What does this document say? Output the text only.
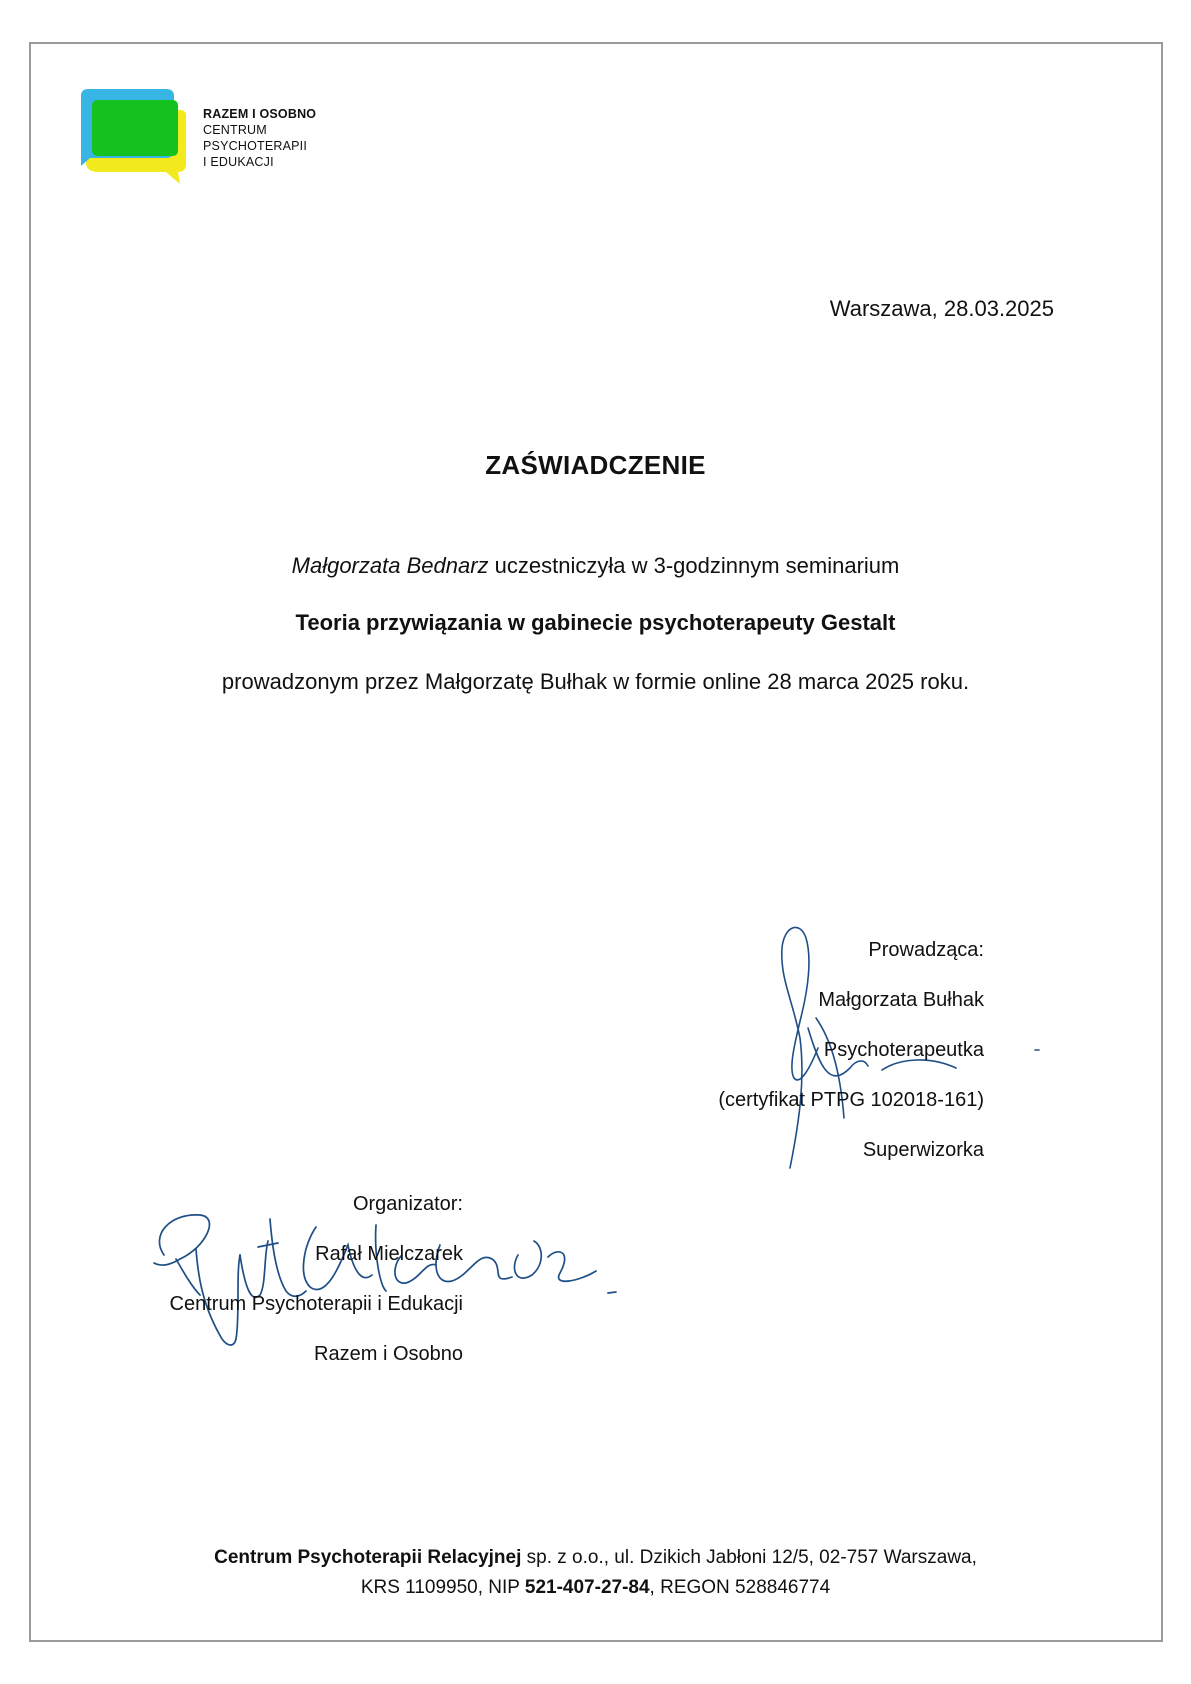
RAZEM I OSOBNO
CENTRUM
PSYCHOTERAPII
I EDUKACJI
Warszawa, 28.03.2025
ZAŚWIADCZENIE
Małgorzata Bednarz uczestniczyła w 3-godzinnym seminarium
Teoria przywiązania w gabinecie psychoterapeuty Gestalt
prowadzonym przez Małgorzatę Bułhak w formie online 28 marca 2025 roku.
Prowadząca:
Małgorzata Bułhak
Psychoterapeutka
(certyfikat PTPG 102018-161)
Superwizorka
Organizator:
Rafał Mielczarek
Centrum Psychoterapii i Edukacji
Razem i Osobno
Centrum Psychoterapii Relacyjnej sp. z o.o., ul. Dzikich Jabłoni 12/5, 02-757 Warszawa,
KRS 1109950, NIP 521-407-27-84, REGON 528846774
